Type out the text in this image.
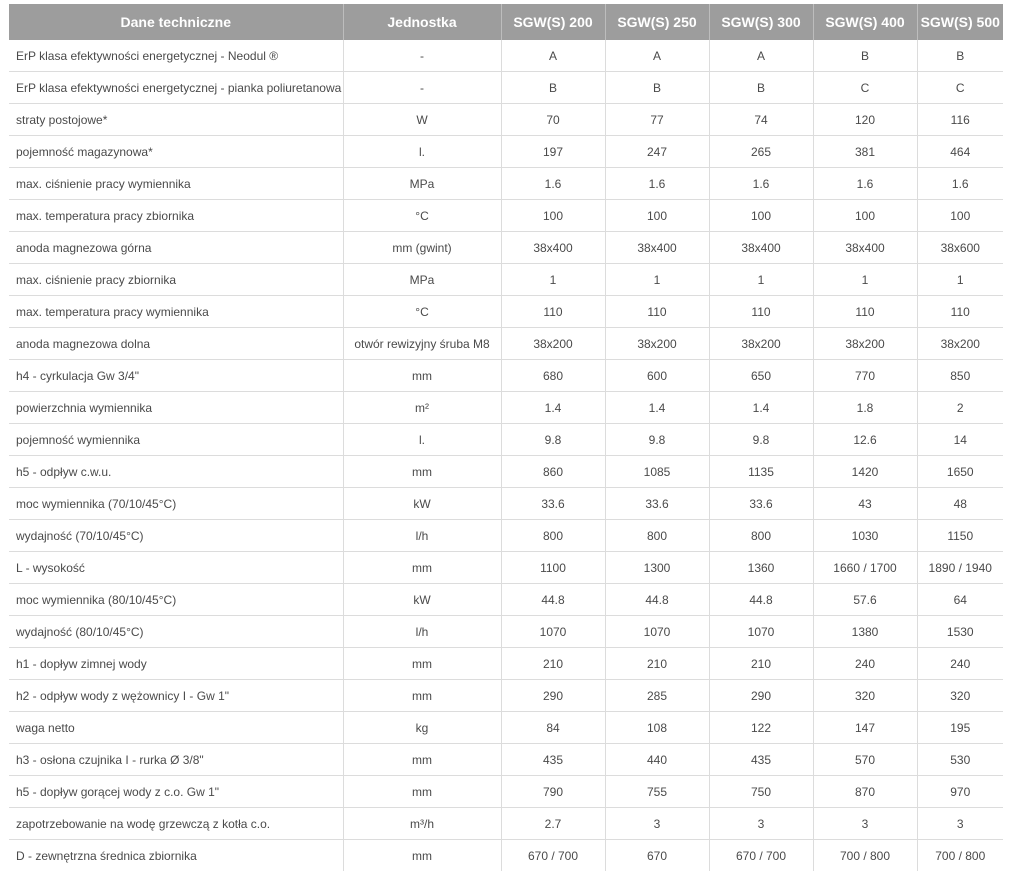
Dane techniczne	Jednostka	SGW(S) 200	SGW(S) 250	SGW(S) 300	SGW(S) 400	SGW(S) 500
ErP klasa efektywności energetycznej - Neodul ®	-	A	A	A	B	B
ErP klasa efektywności energetycznej - pianka poliuretanowa	-	B	B	B	C	C
straty postojowe*	W	70	77	74	120	116
pojemność magazynowa*	l.	197	247	265	381	464
max. ciśnienie pracy wymiennika	MPa	1.6	1.6	1.6	1.6	1.6
max. temperatura pracy zbiornika	°C	100	100	100	100	100
anoda magnezowa górna	mm (gwint)	38x400	38x400	38x400	38x400	38x600
max. ciśnienie pracy zbiornika	MPa	1	1	1	1	1
max. temperatura pracy wymiennika	°C	110	110	110	110	110
anoda magnezowa dolna	otwór rewizyjny śruba M8	38x200	38x200	38x200	38x200	38x200
h4 - cyrkulacja Gw 3/4"	mm	680	600	650	770	850
powierzchnia wymiennika	m²	1.4	1.4	1.4	1.8	2
pojemność wymiennika	l.	9.8	9.8	9.8	12.6	14
h5 - odpływ c.w.u.	mm	860	1085	1135	1420	1650
moc wymiennika (70/10/45°C)	kW	33.6	33.6	33.6	43	48
wydajność (70/10/45°C)	l/h	800	800	800	1030	1150
L - wysokość	mm	1100	1300	1360	1660 / 1700	1890 / 1940
moc wymiennika (80/10/45°C)	kW	44.8	44.8	44.8	57.6	64
wydajność (80/10/45°C)	l/h	1070	1070	1070	1380	1530
h1 - dopływ zimnej wody	mm	210	210	210	240	240
h2 - odpływ wody z wężownicy I - Gw 1"	mm	290	285	290	320	320
waga netto	kg	84	108	122	147	195
h3 - osłona czujnika I - rurka Ø 3/8"	mm	435	440	435	570	530
h5 - dopływ gorącej wody z c.o. Gw 1"	mm	790	755	750	870	970
zapotrzebowanie na wodę grzewczą z kotła c.o.	m³/h	2.7	3	3	3	3
D - zewnętrzna średnica zbiornika	mm	670 / 700	670	670 / 700	700 / 800	700 / 800
